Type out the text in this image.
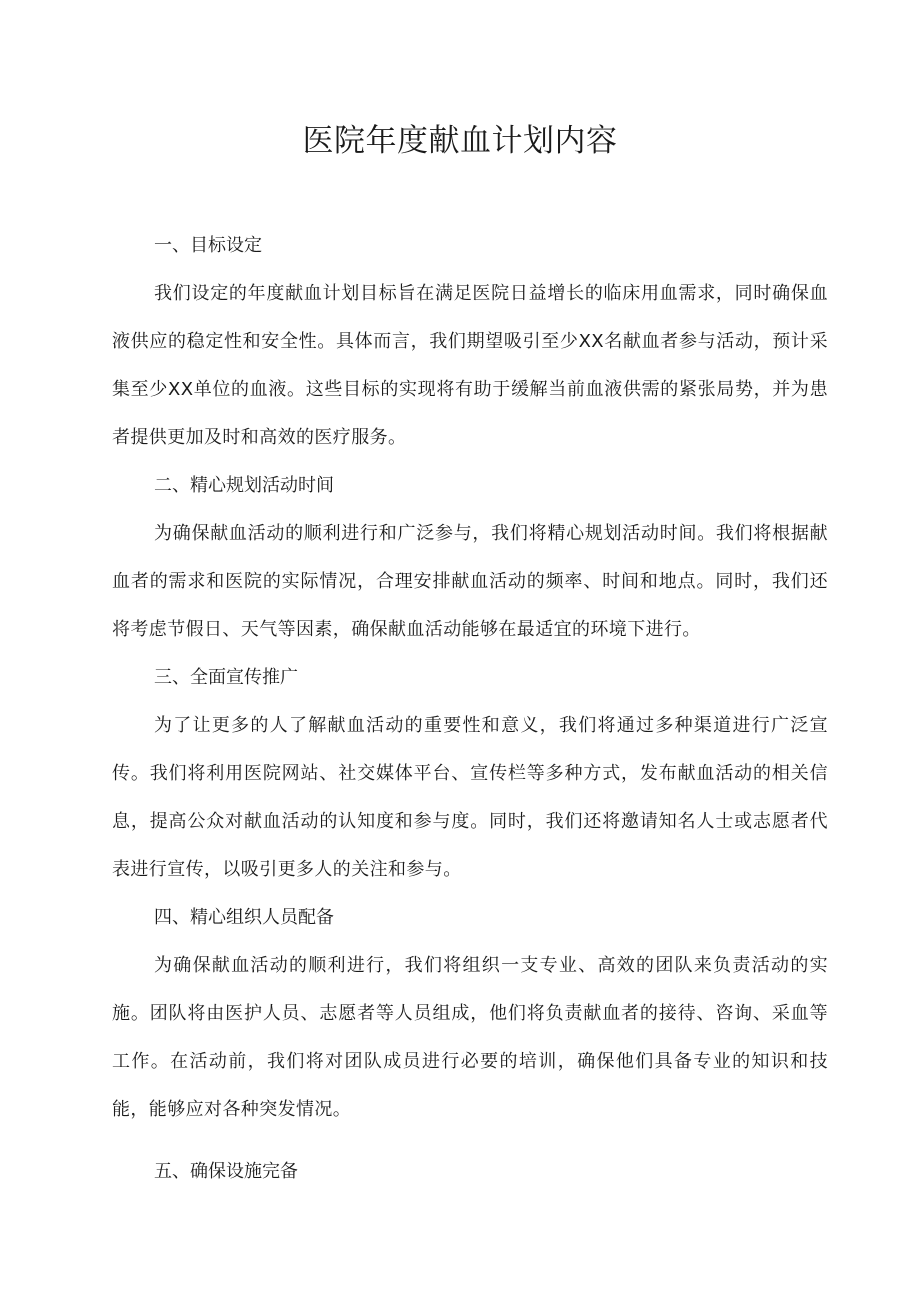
医院年度献血计划内容

一、目标设定

我们设定的年度献血计划目标旨在满足医院日益增长的临床用血需求，同时确保血液供应的稳定性和安全性。具体而言，我们期望吸引至少XX名献血者参与活动，预计采集至少XX单位的血液。这些目标的实现将有助于缓解当前血液供需的紧张局势，并为患者提供更加及时和高效的医疗服务。

二、精心规划活动时间

为确保献血活动的顺利进行和广泛参与，我们将精心规划活动时间。我们将根据献血者的需求和医院的实际情况，合理安排献血活动的频率、时间和地点。同时，我们还将考虑节假日、天气等因素，确保献血活动能够在最适宜的环境下进行。

三、全面宣传推广

为了让更多的人了解献血活动的重要性和意义，我们将通过多种渠道进行广泛宣传。我们将利用医院网站、社交媒体平台、宣传栏等多种方式，发布献血活动的相关信息，提高公众对献血活动的认知度和参与度。同时，我们还将邀请知名人士或志愿者代表进行宣传，以吸引更多人的关注和参与。

四、精心组织人员配备

为确保献血活动的顺利进行，我们将组织一支专业、高效的团队来负责活动的实施。团队将由医护人员、志愿者等人员组成，他们将负责献血者的接待、咨询、采血等工作。在活动前，我们将对团队成员进行必要的培训，确保他们具备专业的知识和技能，能够应对各种突发情况。

五、确保设施完备
